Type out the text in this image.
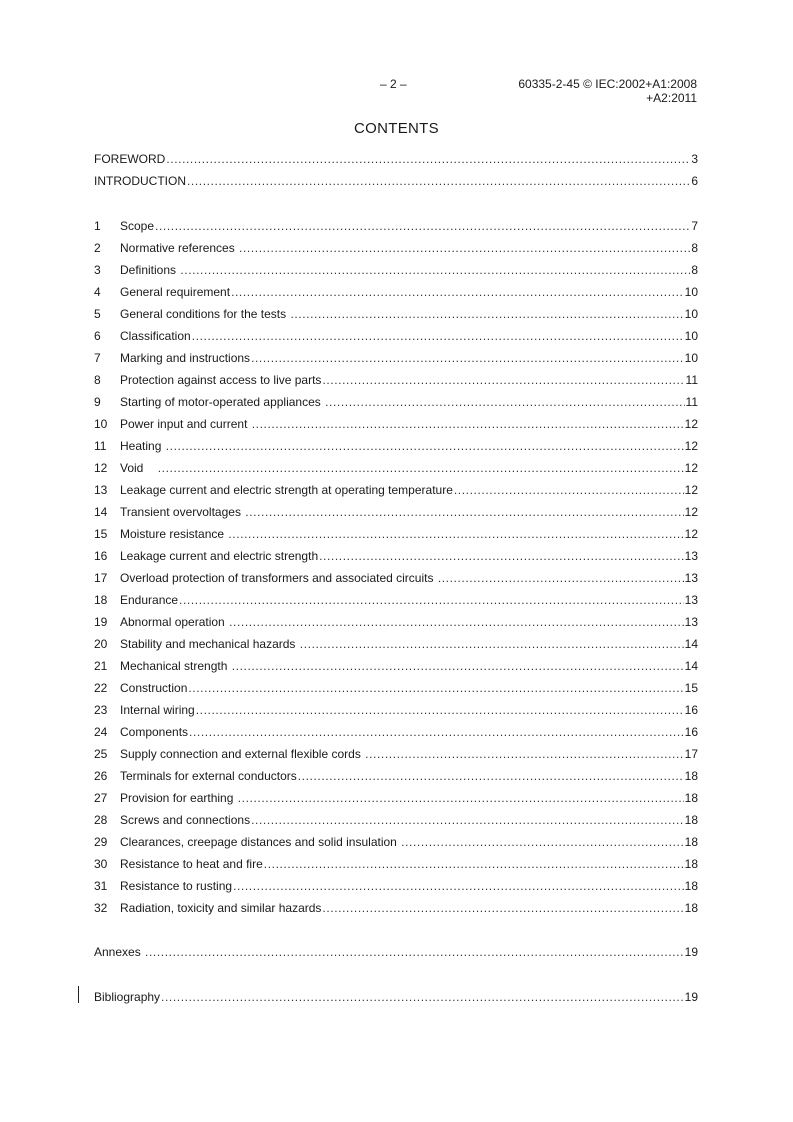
– 2 –	60335-2-45 © IEC:2002+A1:2008
+A2:2011
CONTENTS
FOREWORD .....	3
INTRODUCTION .....	6
1	Scope .....	7
2	Normative references .....	8
3	Definitions .....	8
4	General requirement .....	10
5	General conditions for the tests .....	10
6	Classification .....	10
7	Marking and instructions .....	10
8	Protection against access to live parts .....	11
9	Starting of motor-operated appliances .....	11
10	Power input and current .....	12
11	Heating .....	12
12	Void .....	12
13	Leakage current and electric strength at operating temperature .....	12
14	Transient overvoltages .....	12
15	Moisture resistance .....	12
16	Leakage current and electric strength .....	13
17	Overload protection of transformers and associated circuits .....	13
18	Endurance .....	13
19	Abnormal operation .....	13
20	Stability and mechanical hazards .....	14
21	Mechanical strength .....	14
22	Construction .....	15
23	Internal wiring .....	16
24	Components .....	16
25	Supply connection and external flexible cords .....	17
26	Terminals for external conductors .....	18
27	Provision for earthing .....	18
28	Screws and connections .....	18
29	Clearances, creepage distances and solid insulation .....	18
30	Resistance to heat and fire .....	18
31	Resistance to rusting .....	18
32	Radiation, toxicity and similar hazards .....	18
Annexes .....	19
Bibliography .....	19
